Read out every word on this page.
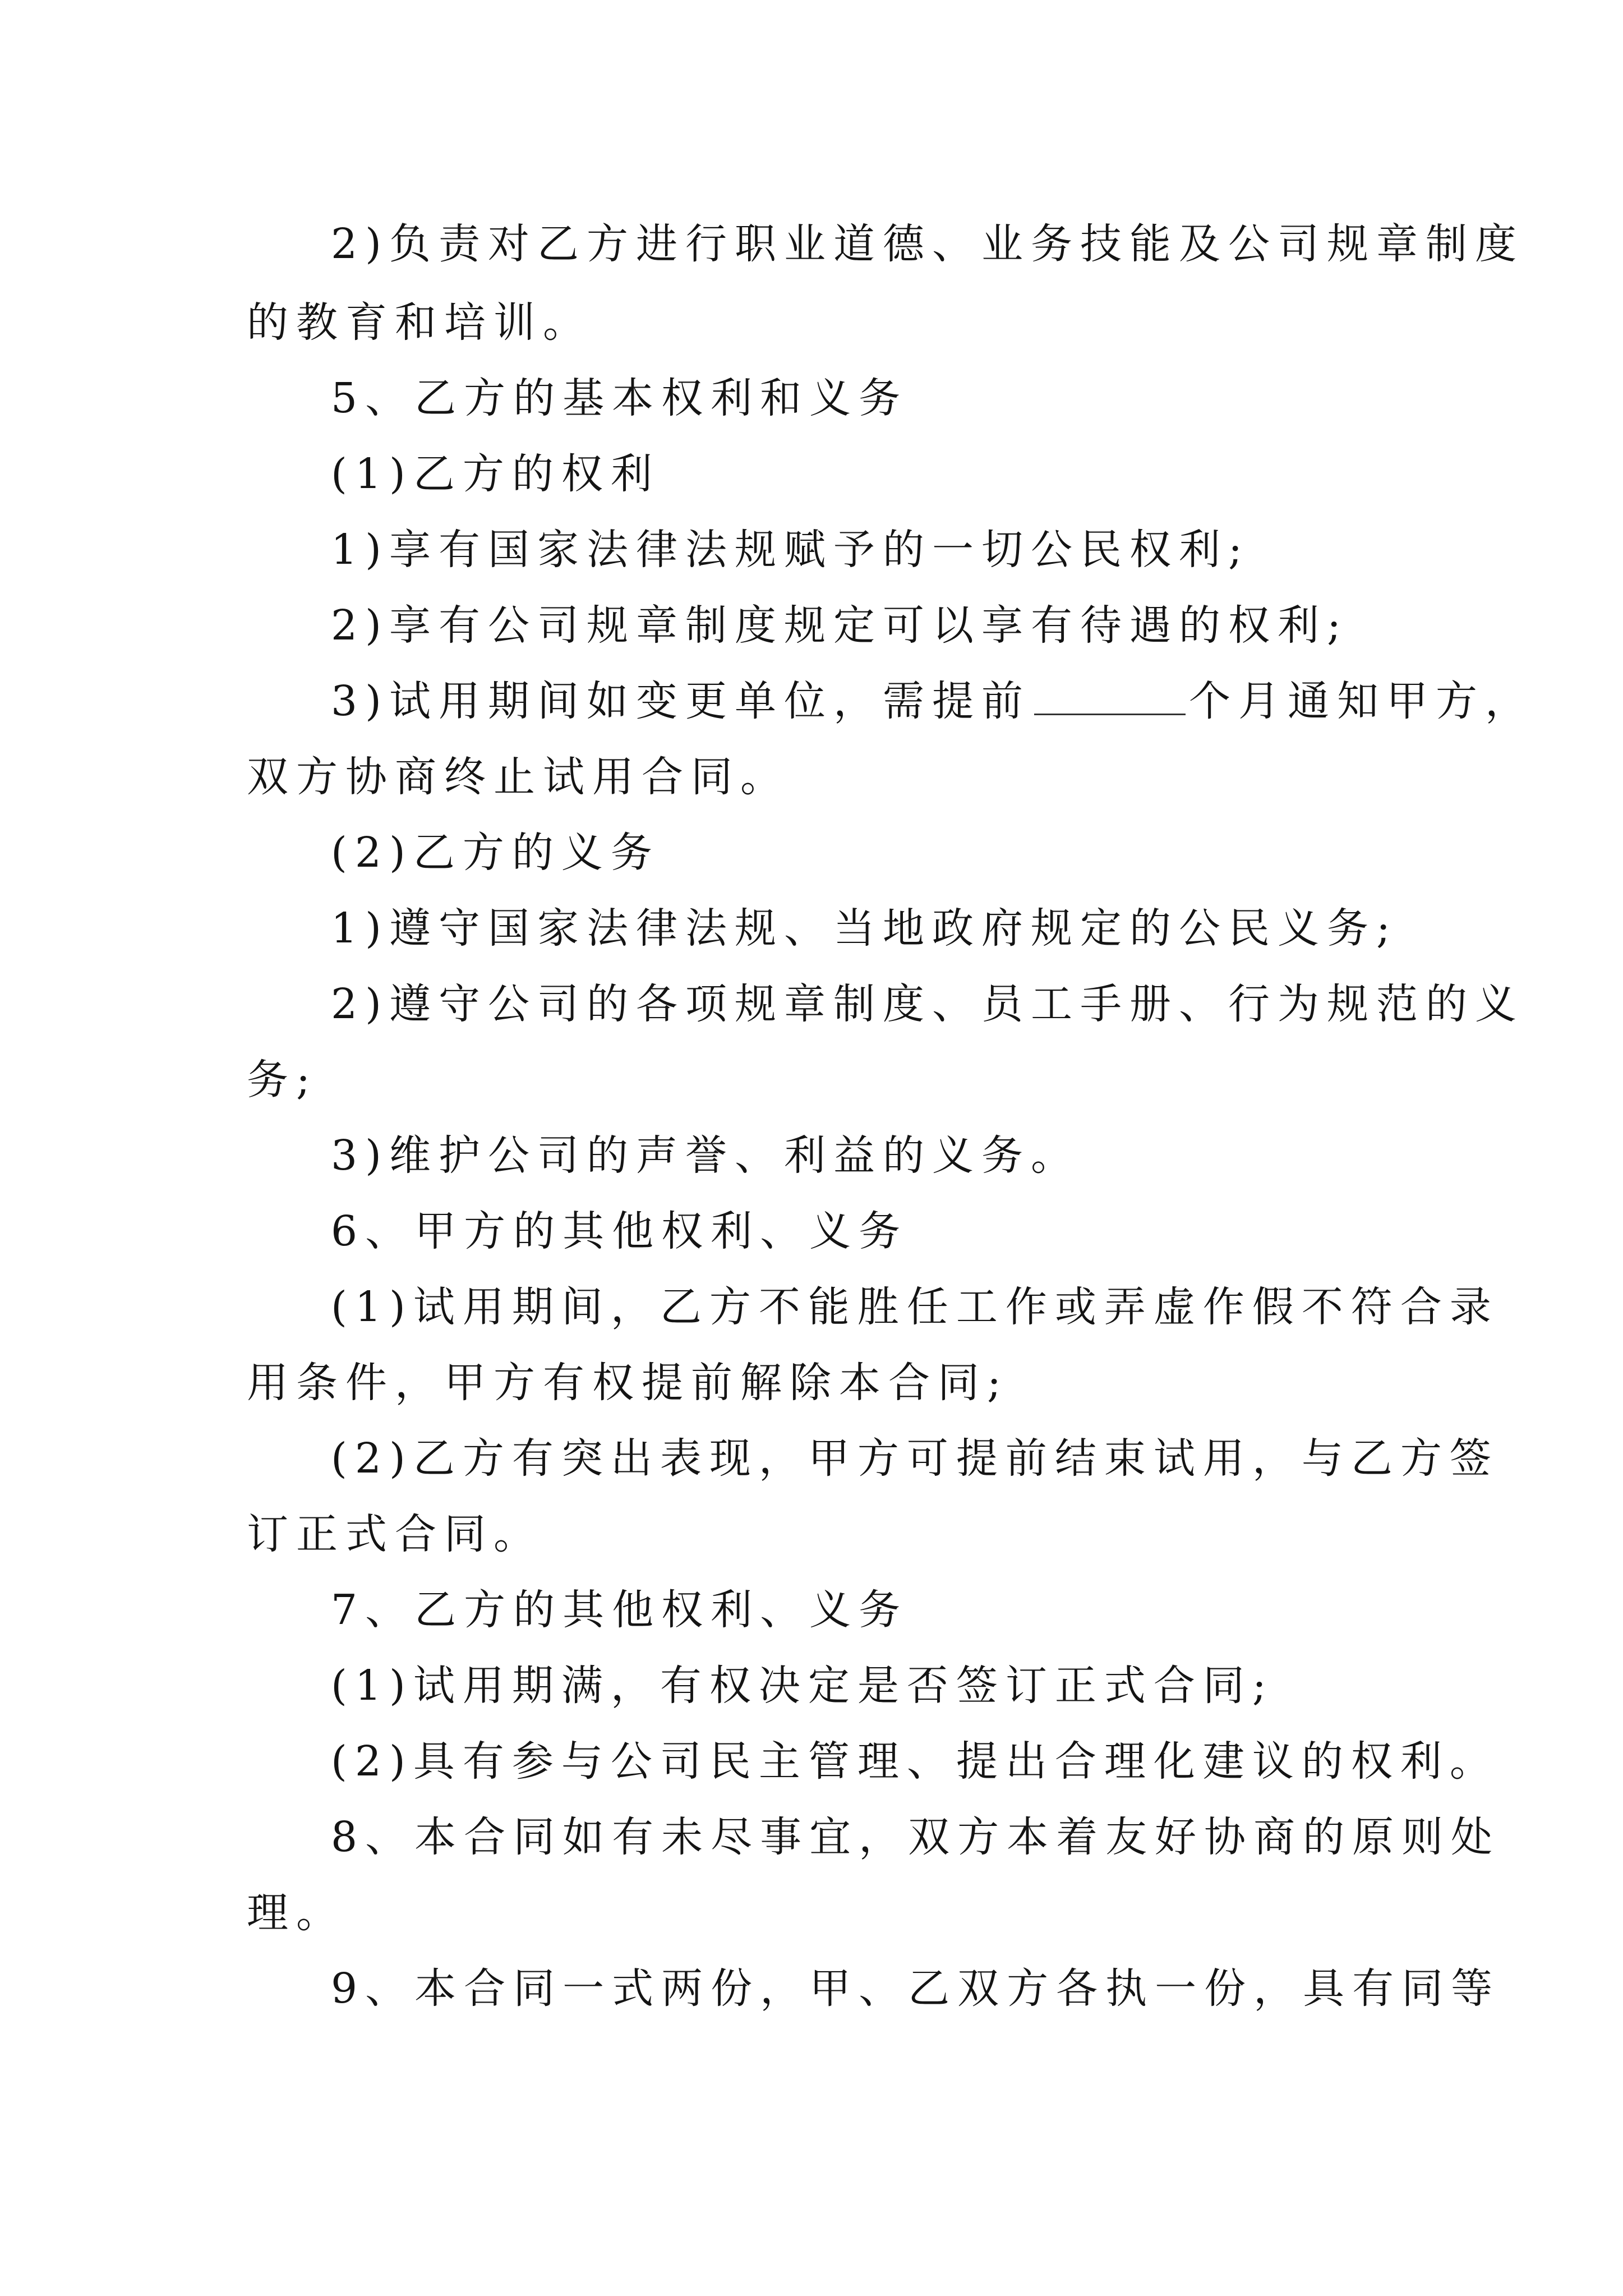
2)负责对乙方进行职业道德、业务技能及公司规章制度
的教育和培训。
5、乙方的基本权利和义务
(1)乙方的权利
1)享有国家法律法规赋予的一切公民权利;
2)享有公司规章制度规定可以享有待遇的权利;
3)试用期间如变更单位，需提前	个月通知甲方，
双方协商终止试用合同。
(2)乙方的义务
1)遵守国家法律法规、当地政府规定的公民义务;
2)遵守公司的各项规章制度、员工手册、行为规范的义
务;
3)维护公司的声誉、利益的义务。
6、甲方的其他权利、义务
(1)试用期间，乙方不能胜任工作或弄虚作假不符合录
用条件，甲方有权提前解除本合同;
(2)乙方有突出表现，甲方可提前结束试用，与乙方签
订正式合同。
7、乙方的其他权利、义务
(1)试用期满，有权决定是否签订正式合同;
(2)具有参与公司民主管理、提出合理化建议的权利。
8、本合同如有未尽事宜，双方本着友好协商的原则处
理。
9、本合同一式两份，甲、乙双方各执一份，具有同等
